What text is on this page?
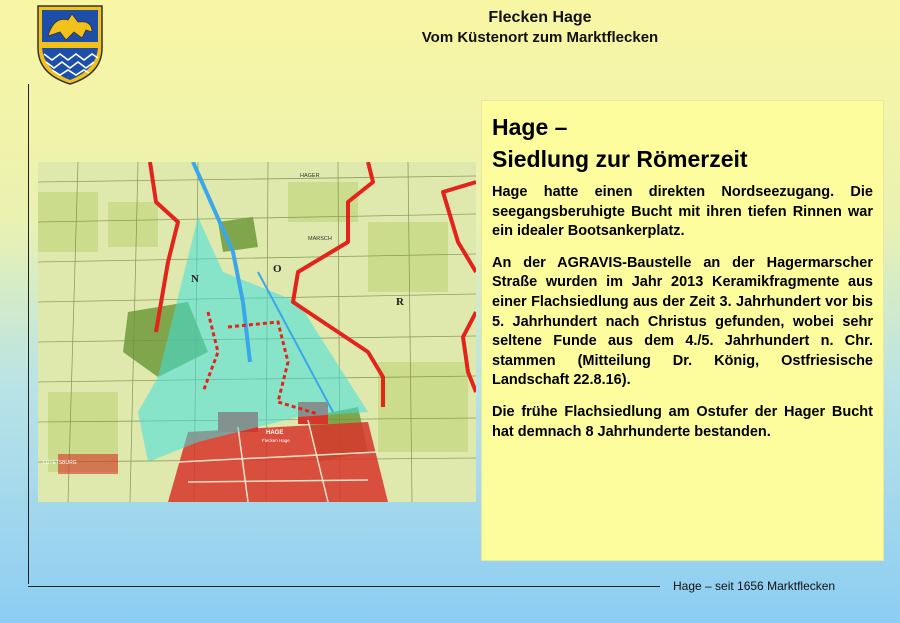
Flecken Hage
Vom Küstenort zum Marktflecken
Hage – seit 1656 Marktflecken
N
O
R
HAGER
MARSCH
HAGE
Flecken Hage
LÜTETSBURG
Hage –
Siedlung zur Römerzeit

Hage hatte einen direkten Nordseezugang. Die seegangsberuhigte Bucht mit ihren tiefen Rinnen war ein idealer Bootsankerplatz.

An der AGRAVIS-Baustelle an der Hagermarscher Straße wurden im Jahr 2013 Keramikfragmente aus einer Flachsiedlung aus der Zeit 3. Jahrhundert vor bis 5. Jahrhundert nach Christus gefunden, wobei sehr seltene Funde aus dem 4./5. Jahrhundert n. Chr. stammen (Mitteilung Dr. König, Ostfriesische Landschaft 22.8.16).

Die frühe Flachsiedlung am Ostufer der Hager Bucht hat demnach 8 Jahrhunderte bestanden.
